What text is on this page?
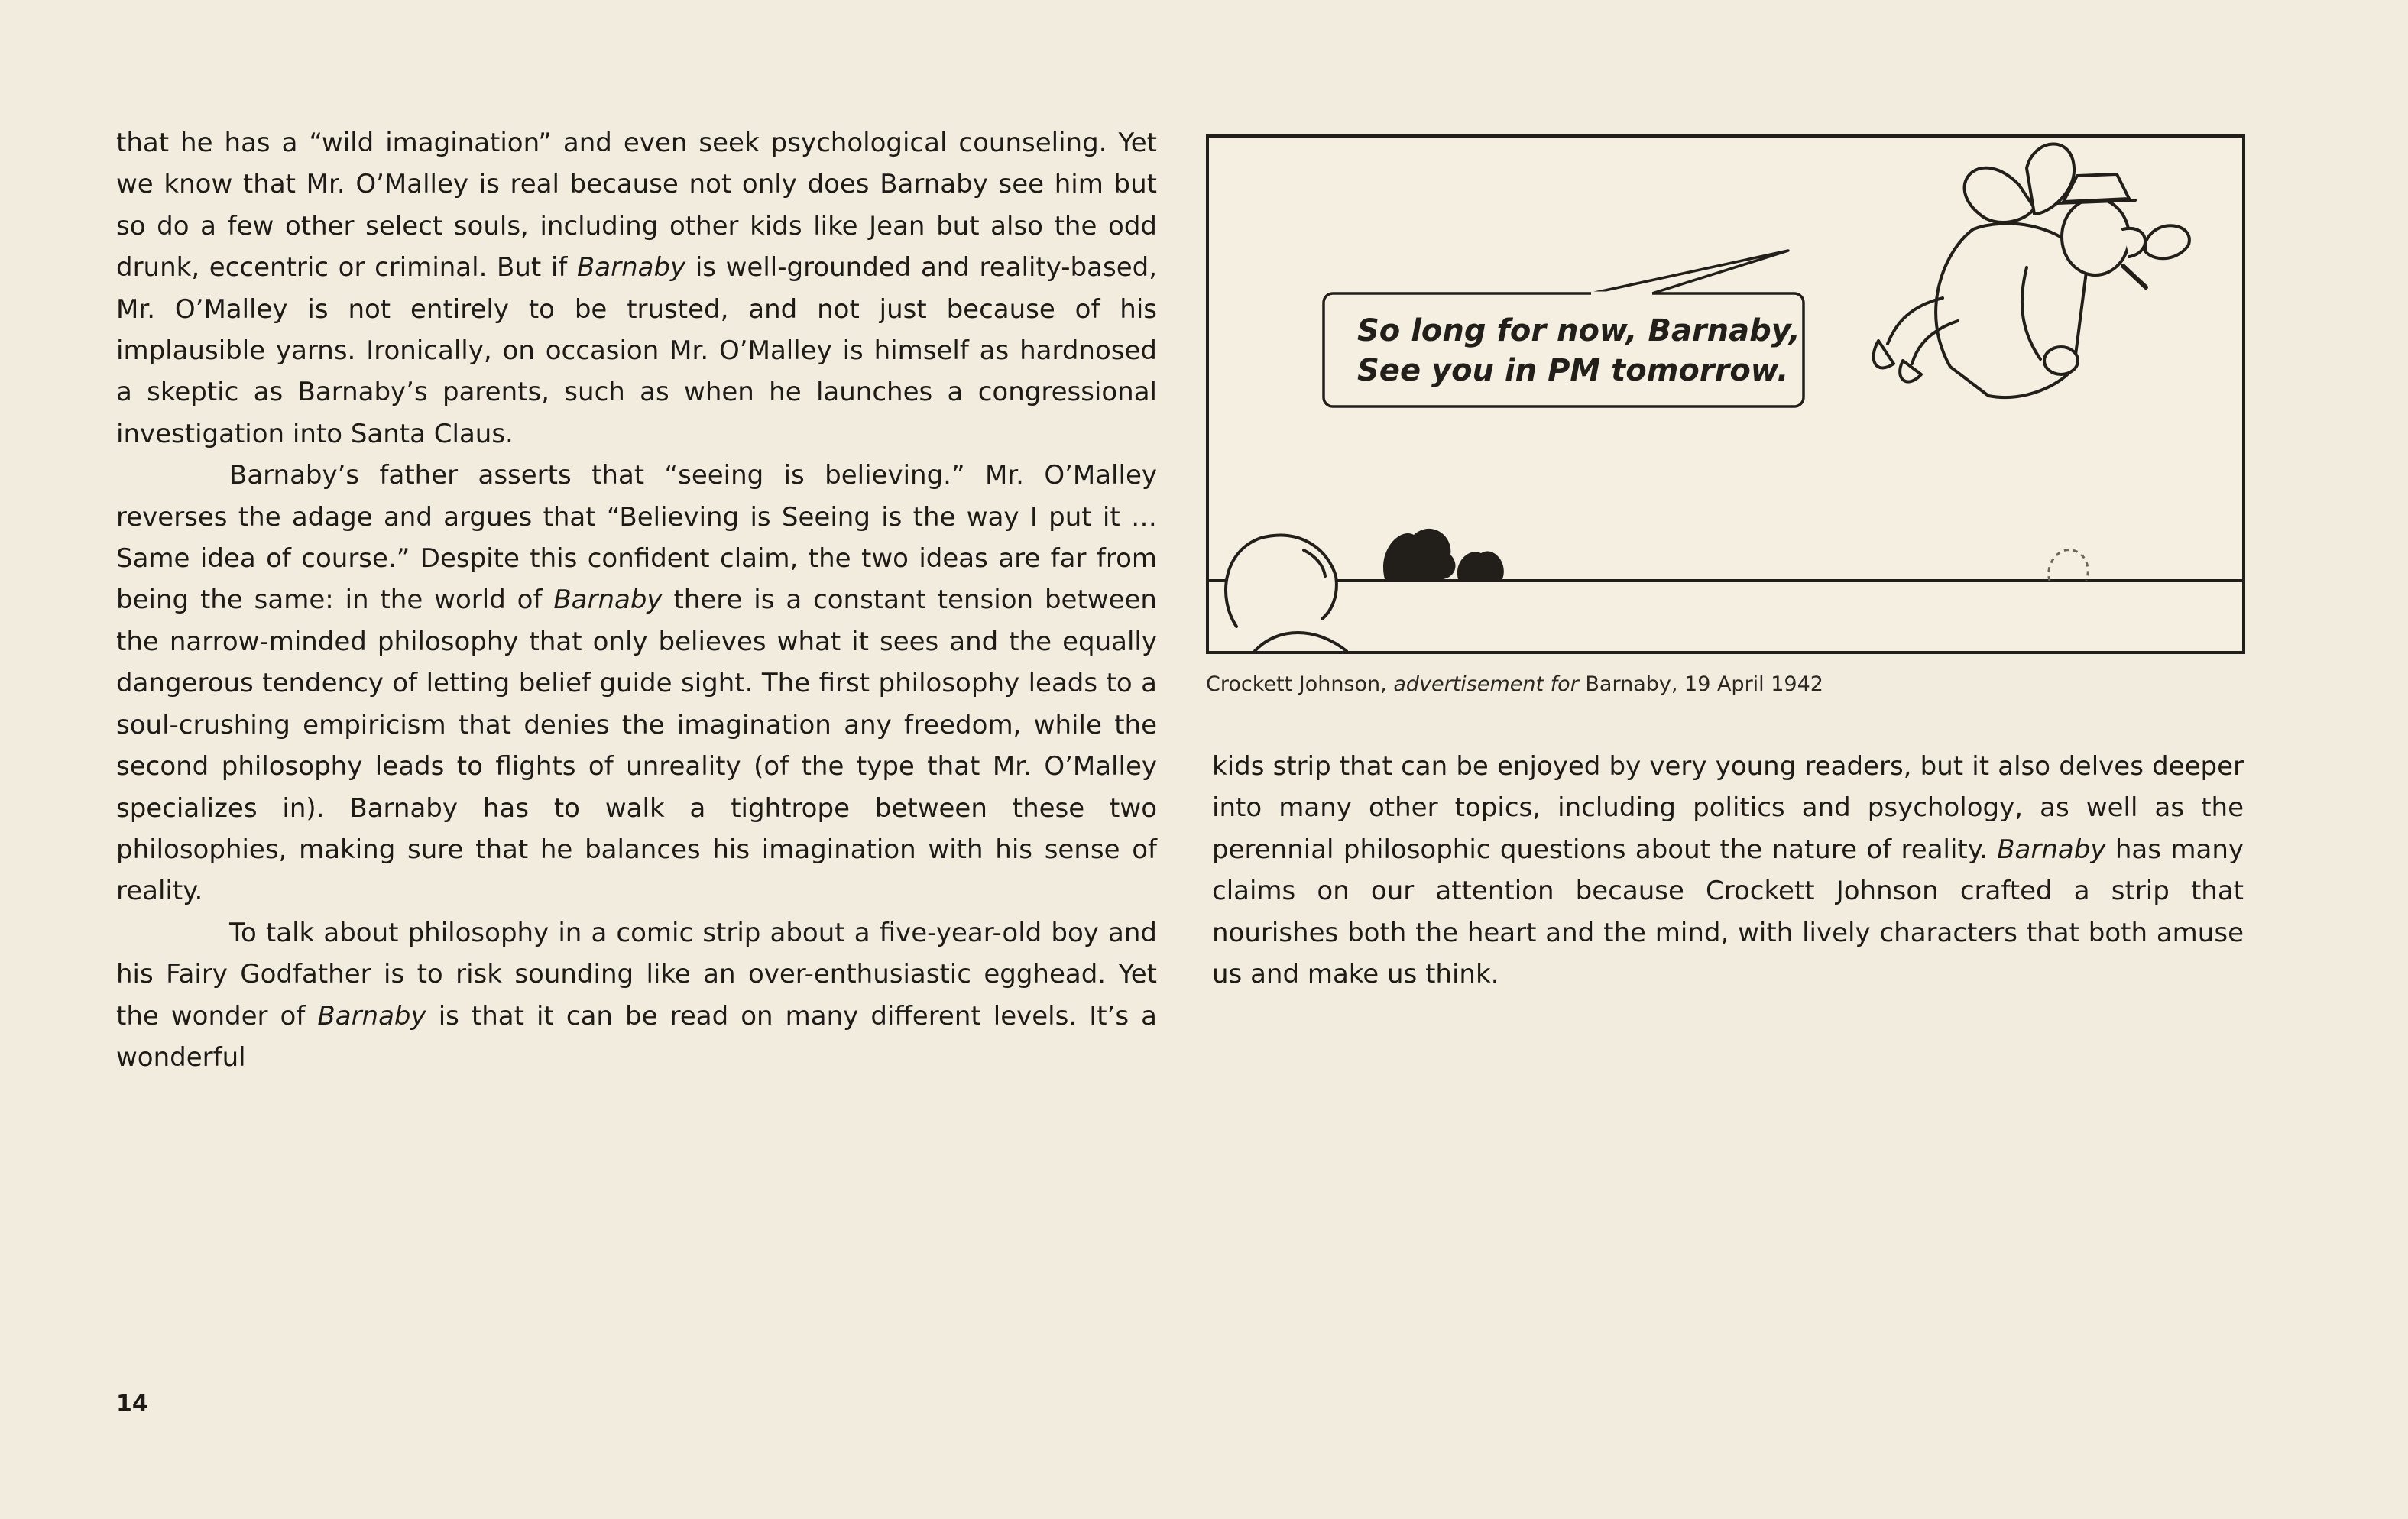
that he has a “wild imagination” and even seek psychological counseling. Yet we know that Mr. O’Malley is real because not only does Barnaby see him but so do a few other select souls, including other kids like Jean but also the odd drunk, eccentric or criminal. But if Barnaby is well-grounded and reality-based, Mr. O’Malley is not entirely to be trusted, and not just because of his implausible yarns. Ironically, on occasion Mr. O’Malley is himself as hardnosed a skeptic as Barnaby’s parents, such as when he launches a congressional investigation into Santa Claus.

Barnaby’s father asserts that “seeing is believing.” Mr. O’Malley reverses the adage and argues that “Believing is Seeing is the way I put it … Same idea of course.” Despite this confident claim, the two ideas are far from being the same: in the world of Barnaby there is a constant tension between the narrow-minded philosophy that only believes what it sees and the equally dangerous tendency of letting belief guide sight. The first philosophy leads to a soul-crushing empiricism that denies the imagination any freedom, while the second philosophy leads to flights of unreality (of the type that Mr. O’Malley specializes in). Barnaby has to walk a tightrope between these two philosophies, making sure that he balances his imagination with his sense of reality.

To talk about philosophy in a comic strip about a five-year-old boy and his Fairy Godfather is to risk sounding like an over-enthusiastic egghead. Yet the wonder of Barnaby is that it can be read on many different levels. It’s a wonderful

So long for now, Barnaby,
See you in PM tomorrow.
Crockett Johnson, advertisement for Barnaby, 19 April 1942

kids strip that can be enjoyed by very young readers, but it also delves deeper into many other topics, including politics and psychology, as well as the perennial philosophic questions about the nature of reality. Barnaby has many claims on our attention because Crockett Johnson crafted a strip that nourishes both the heart and the mind, with lively characters that both amuse us and make us think.

14
